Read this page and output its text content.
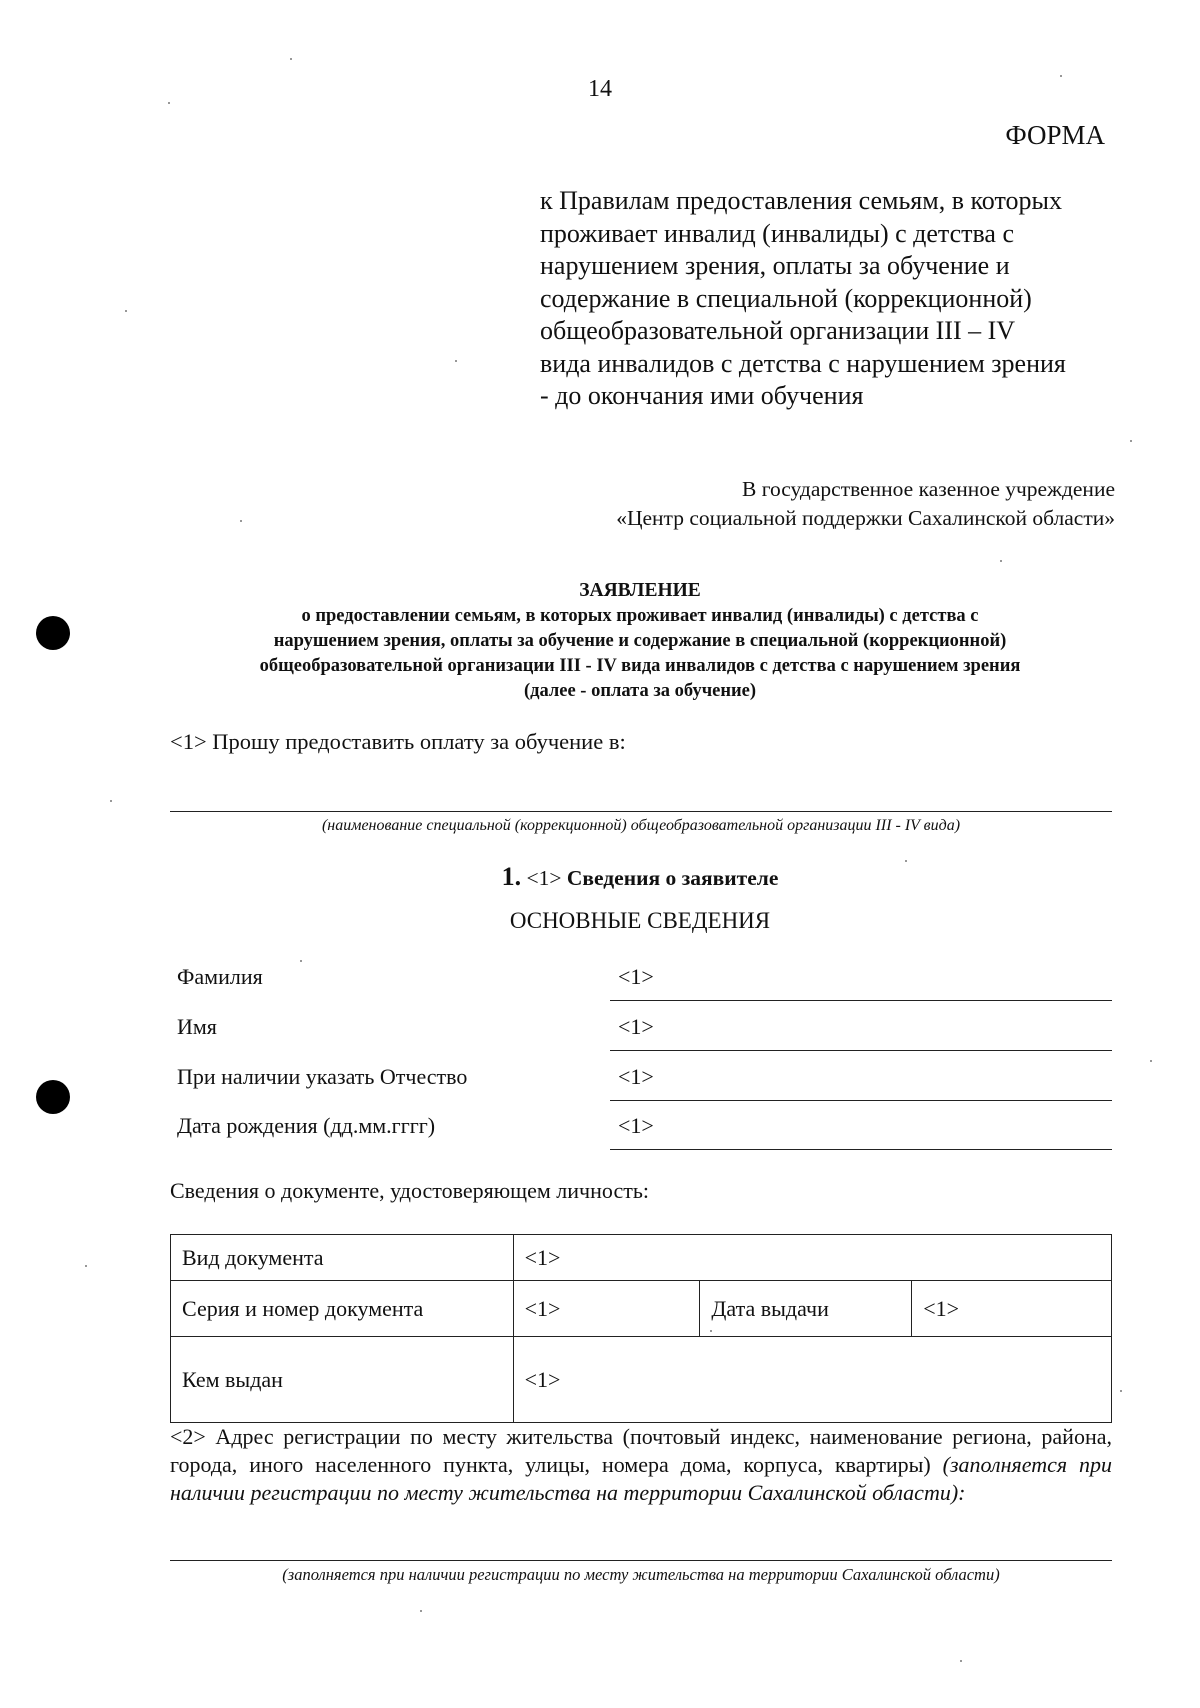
14
ФОРМА
к Правилам предоставления семьям, в которых
проживает инвалид (инвалиды) с детства с
нарушением зрения, оплаты за обучение и
содержание в специальной (коррекционной)
общеобразовательной организации III – IV
вида инвалидов с детства с нарушением зрения
- до окончания ими обучения
В государственное казенное учреждение
«Центр социальной поддержки Сахалинской области»
ЗАЯВЛЕНИЕ
о предоставлении семьям, в которых проживает инвалид (инвалиды) с детства с
нарушением зрения, оплаты за обучение и содержание в специальной (коррекционной)
общеобразовательной организации III - IV вида инвалидов с детства с нарушением зрения
(далее - оплата за обучение)
<1> Прошу предоставить оплату за обучение в:
(наименование специальной (коррекционной) общеобразовательной организации III - IV вида)
1. <1> Сведения о заявителе
ОСНОВНЫЕ СВЕДЕНИЯ
Фамилия	<1>
Имя	<1>
При наличии указать Отчество	<1>
Дата рождения (дд.мм.гггг)	<1>
Сведения о документе, удостоверяющем личность:
Вид документа	<1>		
Серия и номер документа	<1>	Дата выдачи	<1>
Кем выдан	<1>		
<2> Адрес регистрации по месту жительства (почтовый индекс, наименование региона, района, города, иного населенного пункта, улицы, номера дома, корпуса, квартиры) (заполняется при наличии регистрации по месту жительства на территории Сахалинской области):
(заполняется при наличии регистрации по месту жительства на территории Сахалинской области)
